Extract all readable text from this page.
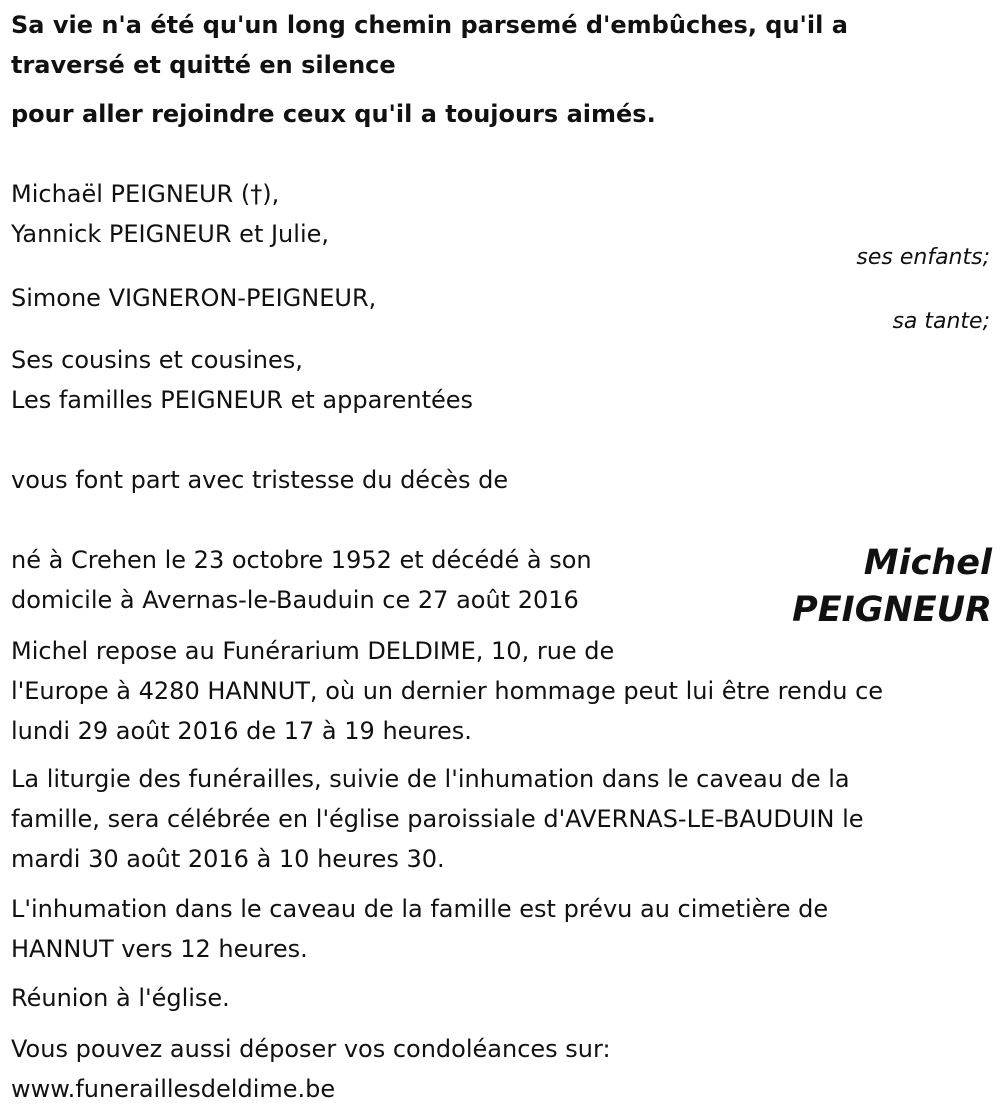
Sa vie n'a été qu'un long chemin parsemé d'embûches, qu'il a

traversé et quitté en silence

pour aller rejoindre ceux qu'il a toujours aimés.

Michaël PEIGNEUR (†),

Yannick PEIGNEUR et Julie,

ses enfants;

Simone VIGNERON-PEIGNEUR,

sa tante;

Ses cousins et cousines,

Les familles PEIGNEUR et apparentées

vous font part avec tristesse du décès de

Michel
PEIGNEUR

né à Crehen le 23 octobre 1952 et décédé à son

domicile à Avernas-le-Bauduin ce 27 août 2016

Michel repose au Funérarium DELDIME, 10, rue de

l'Europe à 4280 HANNUT, où un dernier hommage peut lui être rendu ce

lundi 29 août 2016 de 17 à 19 heures.

La liturgie des funérailles, suivie de l'inhumation dans le caveau de la

famille, sera célébrée en l'église paroissiale d'AVERNAS-LE-BAUDUIN le

mardi 30 août 2016 à 10 heures 30.

L'inhumation dans le caveau de la famille est prévu au cimetière de

HANNUT vers 12 heures.

Réunion à l'église.

Vous pouvez aussi déposer vos condoléances sur:

www.funeraillesdeldime.be
